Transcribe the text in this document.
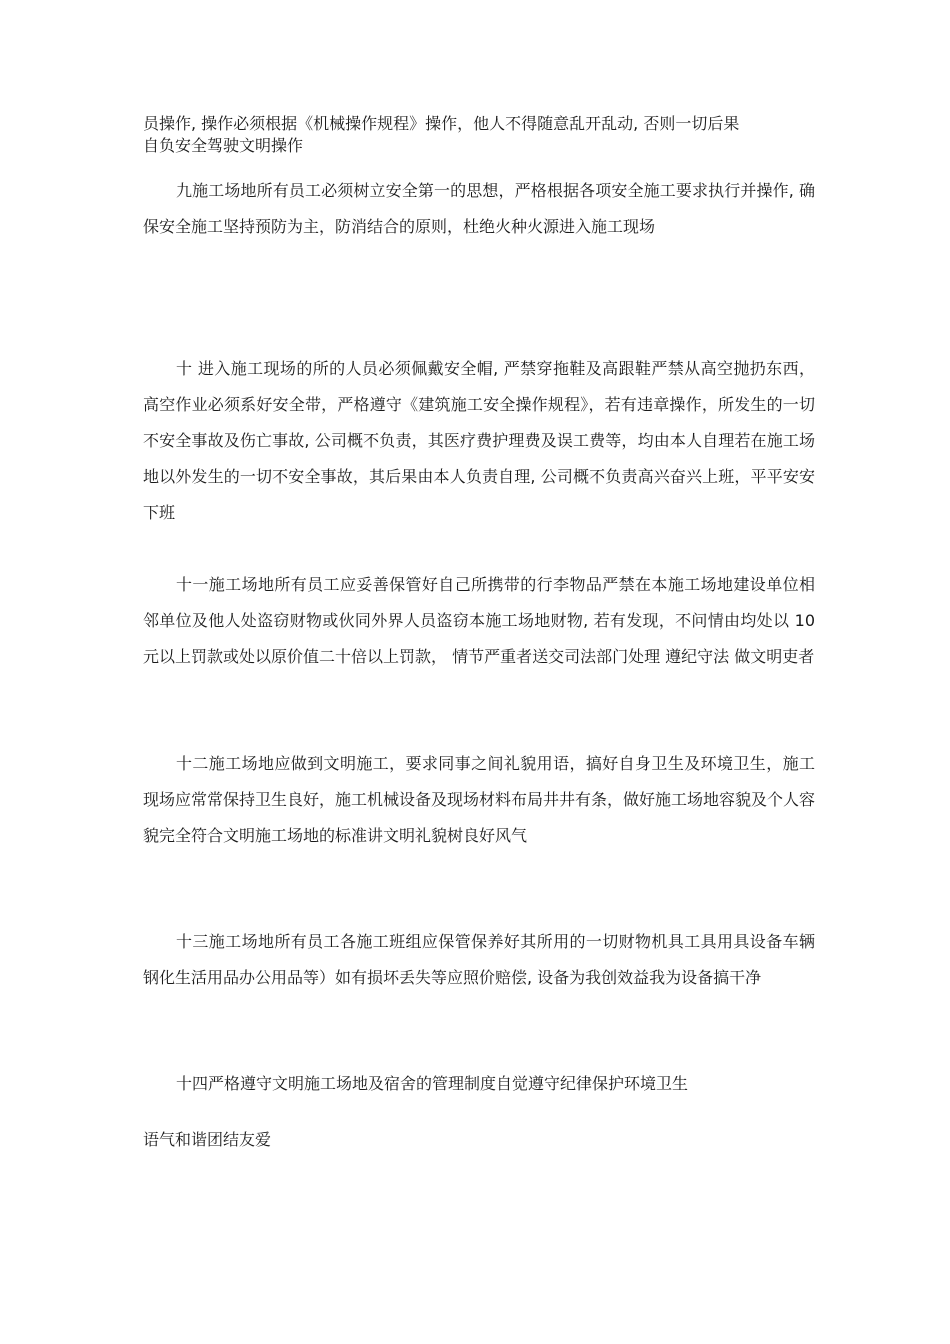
员操作, 操作必须根据《机械操作规程》操作，他人不得随意乱开乱动, 否则一切后果
自负安全驾驶文明操作

九施工场地所有员工必须树立安全第一的思想，严格根据各项安全施工要求执行并操作, 确保安全施工坚持预防为主，防消结合的原则，杜绝火种火源进入施工现场

十 进入施工现场的所的人员必须佩戴安全帽, 严禁穿拖鞋及高跟鞋严禁从高空抛扔东西，高空作业必须系好安全带，严格遵守《建筑施工安全操作规程》，若有违章操作，所发生的一切不安全事故及伤亡事故, 公司概不负责，其医疗费护理费及误工费等，均由本人自理若在施工场地以外发生的一切不安全事故，其后果由本人负责自理, 公司概不负责高兴奋兴上班，平平安安下班

十一施工场地所有员工应妥善保管好自己所携带的行李物品严禁在本施工场地建设单位相邻单位及他人处盗窃财物或伙同外界人员盗窃本施工场地财物, 若有发现，不问情由均处以 10 元以上罚款或处以原价值二十倍以上罚款， 情节严重者送交司法部门处理 遵纪守法 做文明吏者

十二施工场地应做到文明施工，要求同事之间礼貌用语，搞好自身卫生及环境卫生，施工现场应常常保持卫生良好，施工机械设备及现场材料布局井井有条，做好施工场地容貌及个人容貌完全符合文明施工场地的标准讲文明礼貌树良好风气

十三施工场地所有员工各施工班组应保管保养好其所用的一切财物机具工具用具设备车辆钢化生活用品办公用品等）如有损坏丢失等应照价赔偿, 设备为我创效益我为设备搞干净

十四严格遵守文明施工场地及宿舍的管理制度自觉遵守纪律保护环境卫生

语气和谐团结友爱
